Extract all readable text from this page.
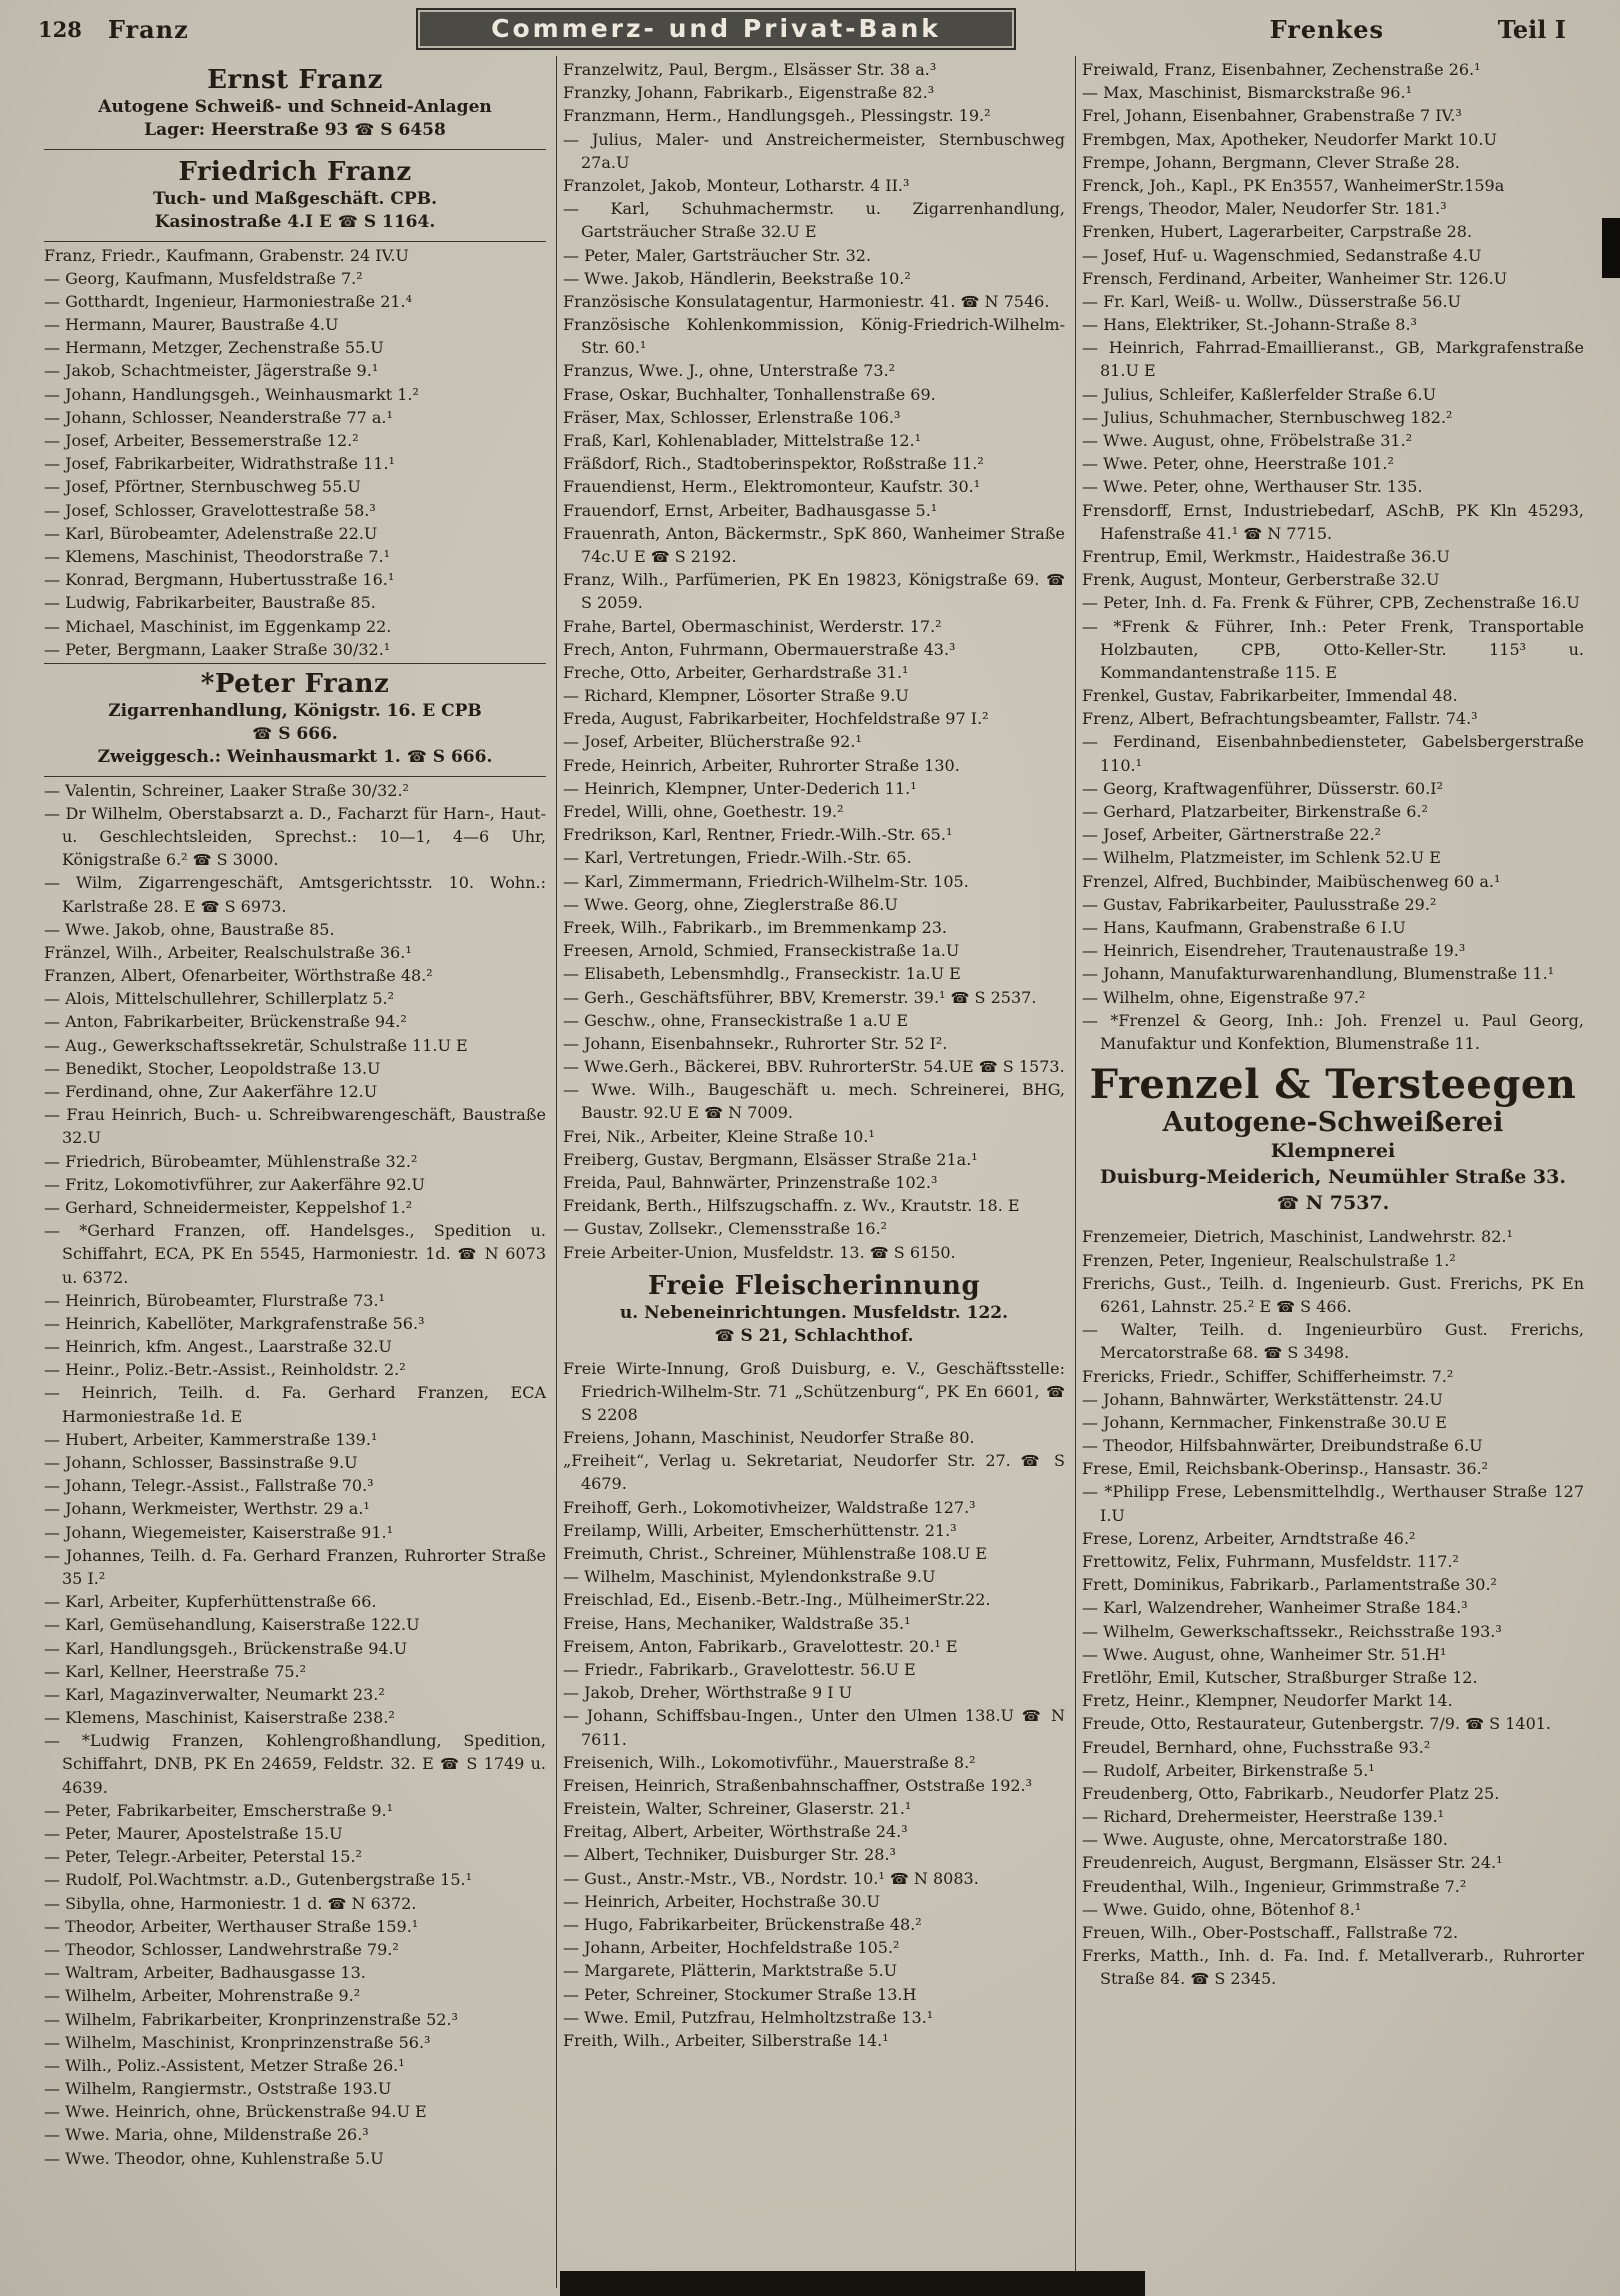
128 Franz	Commerz- und Privat-Bank	Frenkes	Teil I
Ernst Franz
Autogene Schweiß- und Schneid-Anlagen
Lager: Heerstraße 93 ☎ S 6458
Friedrich Franz
Tuch- und Maßgeschäft. CPB.
Kasinostraße 4.I E ☎ S 1164.

Franz, Friedr., Kaufmann, Grabenstr. 24 IV.U

— Georg, Kaufmann, Musfeldstraße 7.²

— Gotthardt, Ingenieur, Harmoniestraße 21.⁴

— Hermann, Maurer, Baustraße 4.U

— Hermann, Metzger, Zechenstraße 55.U

— Jakob, Schachtmeister, Jägerstraße 9.¹

— Johann, Handlungsgeh., Weinhausmarkt 1.²

— Johann, Schlosser, Neanderstraße 77 a.¹

— Josef, Arbeiter, Bessemerstraße 12.²

— Josef, Fabrikarbeiter, Widrathstraße 11.¹

— Josef, Pförtner, Sternbuschweg 55.U

— Josef, Schlosser, Gravelottestraße 58.³

— Karl, Bürobeamter, Adelenstraße 22.U

— Klemens, Maschinist, Theodorstraße 7.¹

— Konrad, Bergmann, Hubertusstraße 16.¹

— Ludwig, Fabrikarbeiter, Baustraße 85.

— Michael, Maschinist, im Eggenkamp 22.

— Peter, Bergmann, Laaker Straße 30/32.¹

*Peter Franz
Zigarrenhandlung, Königstr. 16. E CPB
☎ S 666.
Zweiggesch.: Weinhausmarkt 1. ☎ S 666.

— Valentin, Schreiner, Laaker Straße 30/32.²

— Dr Wilhelm, Oberstabsarzt a. D., Facharzt für Harn-, Haut- u. Geschlechtsleiden, Sprechst.: 10—1, 4—6 Uhr, Königstraße 6.² ☎ S 3000.

— Wilm, Zigarrengeschäft, Amtsgerichtsstr. 10. Wohn.: Karlstraße 28. E ☎ S 6973.

— Wwe. Jakob, ohne, Baustraße 85.

Fränzel, Wilh., Arbeiter, Realschulstraße 36.¹

Franzen, Albert, Ofenarbeiter, Wörthstraße 48.²

— Alois, Mittelschullehrer, Schillerplatz 5.²

— Anton, Fabrikarbeiter, Brückenstraße 94.²

— Aug., Gewerkschaftssekretär, Schulstraße 11.U E

— Benedikt, Stocher, Leopoldstraße 13.U

— Ferdinand, ohne, Zur Aakerfähre 12.U

— Frau Heinrich, Buch- u. Schreibwarengeschäft, Baustraße 32.U

— Friedrich, Bürobeamter, Mühlenstraße 32.²

— Fritz, Lokomotivführer, zur Aakerfähre 92.U

— Gerhard, Schneidermeister, Keppelshof 1.²

— *Gerhard Franzen, off. Handelsges., Spedition u. Schiffahrt, ECA, PK En 5545, Harmoniestr. 1d. ☎ N 6073 u. 6372.

— Heinrich, Bürobeamter, Flurstraße 73.¹

— Heinrich, Kabellöter, Markgrafenstraße 56.³

— Heinrich, kfm. Angest., Laarstraße 32.U

— Heinr., Poliz.-Betr.-Assist., Reinholdstr. 2.²

— Heinrich, Teilh. d. Fa. Gerhard Franzen, ECA Harmoniestraße 1d. E

— Hubert, Arbeiter, Kammerstraße 139.¹

— Johann, Schlosser, Bassinstraße 9.U

— Johann, Telegr.-Assist., Fallstraße 70.³

— Johann, Werkmeister, Werthstr. 29 a.¹

— Johann, Wiegemeister, Kaiserstraße 91.¹

— Johannes, Teilh. d. Fa. Gerhard Franzen, Ruhrorter Straße 35 I.²

— Karl, Arbeiter, Kupferhüttenstraße 66.

— Karl, Gemüsehandlung, Kaiserstraße 122.U

— Karl, Handlungsgeh., Brückenstraße 94.U

— Karl, Kellner, Heerstraße 75.²

— Karl, Magazinverwalter, Neumarkt 23.²

— Klemens, Maschinist, Kaiserstraße 238.²

— *Ludwig Franzen, Kohlengroßhandlung, Spedition, Schiffahrt, DNB, PK En 24659, Feldstr. 32. E ☎ S 1749 u. 4639.

— Peter, Fabrikarbeiter, Emscherstraße 9.¹

— Peter, Maurer, Apostelstraße 15.U

— Peter, Telegr.-Arbeiter, Peterstal 15.²

— Rudolf, Pol.Wachtmstr. a.D., Gutenbergstraße 15.¹

— Sibylla, ohne, Harmoniestr. 1 d. ☎ N 6372.

— Theodor, Arbeiter, Werthauser Straße 159.¹

— Theodor, Schlosser, Landwehrstraße 79.²

— Waltram, Arbeiter, Badhausgasse 13.

— Wilhelm, Arbeiter, Mohrenstraße 9.²

— Wilhelm, Fabrikarbeiter, Kronprinzenstraße 52.³

— Wilhelm, Maschinist, Kronprinzenstraße 56.³

— Wilh., Poliz.-Assistent, Metzer Straße 26.¹

— Wilhelm, Rangiermstr., Oststraße 193.U

— Wwe. Heinrich, ohne, Brückenstraße 94.U E

— Wwe. Maria, ohne, Mildenstraße 26.³

— Wwe. Theodor, ohne, Kuhlenstraße 5.U

Franzelwitz, Paul, Bergm., Elsässer Str. 38 a.³

Franzky, Johann, Fabrikarb., Eigenstraße 82.³

Franzmann, Herm., Handlungsgeh., Plessingstr. 19.²

— Julius, Maler- und Anstreichermeister, Sternbuschweg 27a.U

Franzolet, Jakob, Monteur, Lotharstr. 4 II.³

— Karl, Schuhmachermstr. u. Zigarrenhandlung, Gartsträucher Straße 32.U E

— Peter, Maler, Gartsträucher Str. 32.

— Wwe. Jakob, Händlerin, Beekstraße 10.²

Französische Konsulatagentur, Harmoniestr. 41. ☎ N 7546.

Französische Kohlenkommission, König-Friedrich-Wilhelm-Str. 60.¹

Franzus, Wwe. J., ohne, Unterstraße 73.²

Frase, Oskar, Buchhalter, Tonhallenstraße 69.

Fräser, Max, Schlosser, Erlenstraße 106.³

Fraß, Karl, Kohlenablader, Mittelstraße 12.¹

Fräßdorf, Rich., Stadtoberinspektor, Roßstraße 11.²

Frauendienst, Herm., Elektromonteur, Kaufstr. 30.¹

Frauendorf, Ernst, Arbeiter, Badhausgasse 5.¹

Frauenrath, Anton, Bäckermstr., SpK 860, Wanheimer Straße 74c.U E ☎ S 2192.

Franz, Wilh., Parfümerien, PK En 19823, Königstraße 69. ☎ S 2059.

Frahe, Bartel, Obermaschinist, Werderstr. 17.²

Frech, Anton, Fuhrmann, Obermauerstraße 43.³

Freche, Otto, Arbeiter, Gerhardstraße 31.¹

— Richard, Klempner, Lösorter Straße 9.U

Freda, August, Fabrikarbeiter, Hochfeldstraße 97 I.²

— Josef, Arbeiter, Blücherstraße 92.¹

Frede, Heinrich, Arbeiter, Ruhrorter Straße 130.

— Heinrich, Klempner, Unter-Dederich 11.¹

Fredel, Willi, ohne, Goethestr. 19.²

Fredrikson, Karl, Rentner, Friedr.-Wilh.-Str. 65.¹

— Karl, Vertretungen, Friedr.-Wilh.-Str. 65.

— Karl, Zimmermann, Friedrich-Wilhelm-Str. 105.

— Wwe. Georg, ohne, Zieglerstraße 86.U

Freek, Wilh., Fabrikarb., im Bremmenkamp 23.

Freesen, Arnold, Schmied, Franseckistraße 1a.U

— Elisabeth, Lebensmhdlg., Franseckistr. 1a.U E

— Gerh., Geschäftsführer, BBV, Kremerstr. 39.¹ ☎ S 2537.

— Geschw., ohne, Franseckistraße 1 a.U E

— Johann, Eisenbahnsekr., Ruhrorter Str. 52 I².

— Wwe.Gerh., Bäckerei, BBV. RuhrorterStr. 54.UE ☎ S 1573.

— Wwe. Wilh., Baugeschäft u. mech. Schreinerei, BHG, Baustr. 92.U E ☎ N 7009.

Frei, Nik., Arbeiter, Kleine Straße 10.¹

Freiberg, Gustav, Bergmann, Elsässer Straße 21a.¹

Freida, Paul, Bahnwärter, Prinzenstraße 102.³

Freidank, Berth., Hilfszugschaffn. z. Wv., Krautstr. 18. E

— Gustav, Zollsekr., Clemensstraße 16.²

Freie Arbeiter-Union, Musfeldstr. 13. ☎ S 6150.

Freie Fleischerinnung
u. Nebeneinrichtungen. Musfeldstr. 122.
☎ S 21, Schlachthof.

Freie Wirte-Innung, Groß Duisburg, e. V., Geschäftsstelle: Friedrich-Wilhelm-Str. 71 „Schützenburg“, PK En 6601, ☎ S 2208

Freiens, Johann, Maschinist, Neudorfer Straße 80.

„Freiheit“, Verlag u. Sekretariat, Neudorfer Str. 27. ☎ S 4679.

Freihoff, Gerh., Lokomotivheizer, Waldstraße 127.³

Freilamp, Willi, Arbeiter, Emscherhüttenstr. 21.³

Freimuth, Christ., Schreiner, Mühlenstraße 108.U E

— Wilhelm, Maschinist, Mylendonkstraße 9.U

Freischlad, Ed., Eisenb.-Betr.-Ing., MülheimerStr.22.

Freise, Hans, Mechaniker, Waldstraße 35.¹

Freisem, Anton, Fabrikarb., Gravelottestr. 20.¹ E

— Friedr., Fabrikarb., Gravelottestr. 56.U E

— Jakob, Dreher, Wörthstraße 9 I U

— Johann, Schiffsbau-Ingen., Unter den Ulmen 138.U ☎ N 7611.

Freisenich, Wilh., Lokomotivführ., Mauerstraße 8.²

Freisen, Heinrich, Straßenbahnschaffner, Oststraße 192.³

Freistein, Walter, Schreiner, Glaserstr. 21.¹

Freitag, Albert, Arbeiter, Wörthstraße 24.³

— Albert, Techniker, Duisburger Str. 28.³

— Gust., Anstr.-Mstr., VB., Nordstr. 10.¹ ☎ N 8083.

— Heinrich, Arbeiter, Hochstraße 30.U

— Hugo, Fabrikarbeiter, Brückenstraße 48.²

— Johann, Arbeiter, Hochfeldstraße 105.²

— Margarete, Plätterin, Marktstraße 5.U

— Peter, Schreiner, Stockumer Straße 13.H

— Wwe. Emil, Putzfrau, Helmholtzstraße 13.¹

Freith, Wilh., Arbeiter, Silberstraße 14.¹

Freiwald, Franz, Eisenbahner, Zechenstraße 26.¹

— Max, Maschinist, Bismarckstraße 96.¹

Frel, Johann, Eisenbahner, Grabenstraße 7 IV.³

Frembgen, Max, Apotheker, Neudorfer Markt 10.U

Frempe, Johann, Bergmann, Clever Straße 28.

Frenck, Joh., Kapl., PK En3557, WanheimerStr.159a

Frengs, Theodor, Maler, Neudorfer Str. 181.³

Frenken, Hubert, Lagerarbeiter, Carpstraße 28.

— Josef, Huf- u. Wagenschmied, Sedanstraße 4.U

Frensch, Ferdinand, Arbeiter, Wanheimer Str. 126.U

— Fr. Karl, Weiß- u. Wollw., Düsserstraße 56.U

— Hans, Elektriker, St.-Johann-Straße 8.³

— Heinrich, Fahrrad-Emaillieranst., GB, Markgrafenstraße 81.U E

— Julius, Schleifer, Kaßlerfelder Straße 6.U

— Julius, Schuhmacher, Sternbuschweg 182.²

— Wwe. August, ohne, Fröbelstraße 31.²

— Wwe. Peter, ohne, Heerstraße 101.²

— Wwe. Peter, ohne, Werthauser Str. 135.

Frensdorff, Ernst, Industriebedarf, ASchB, PK Kln 45293, Hafenstraße 41.¹ ☎ N 7715.

Frentrup, Emil, Werkmstr., Haidestraße 36.U

Frenk, August, Monteur, Gerberstraße 32.U

— Peter, Inh. d. Fa. Frenk & Führer, CPB, Zechenstraße 16.U

— *Frenk & Führer, Inh.: Peter Frenk, Transportable Holzbauten, CPB, Otto-Keller-Str. 115³ u. Kommandantenstraße 115. E

Frenkel, Gustav, Fabrikarbeiter, Immendal 48.

Frenz, Albert, Befrachtungsbeamter, Fallstr. 74.³

— Ferdinand, Eisenbahnbediensteter, Gabelsbergerstraße 110.¹

— Georg, Kraftwagenführer, Düsserstr. 60.I²

— Gerhard, Platzarbeiter, Birkenstraße 6.²

— Josef, Arbeiter, Gärtnerstraße 22.²

— Wilhelm, Platzmeister, im Schlenk 52.U E

Frenzel, Alfred, Buchbinder, Maibüschenweg 60 a.¹

— Gustav, Fabrikarbeiter, Paulusstraße 29.²

— Hans, Kaufmann, Grabenstraße 6 I.U

— Heinrich, Eisendreher, Trautenaustraße 19.³

— Johann, Manufakturwarenhandlung, Blumenstraße 11.¹

— Wilhelm, ohne, Eigenstraße 97.²

— *Frenzel & Georg, Inh.: Joh. Frenzel u. Paul Georg, Manufaktur und Konfektion, Blumenstraße 11.

Frenzel & Tersteegen
Autogene-Schweißerei
Klempnerei
Duisburg-Meiderich, Neumühler Straße 33.
☎ N 7537.

Frenzemeier, Dietrich, Maschinist, Landwehrstr. 82.¹

Frenzen, Peter, Ingenieur, Realschulstraße 1.²

Frerichs, Gust., Teilh. d. Ingenieurb. Gust. Frerichs, PK En 6261, Lahnstr. 25.² E ☎ S 466.

— Walter, Teilh. d. Ingenieurbüro Gust. Frerichs, Mercatorstraße 68. ☎ S 3498.

Frericks, Friedr., Schiffer, Schifferheimstr. 7.²

— Johann, Bahnwärter, Werkstättenstr. 24.U

— Johann, Kernmacher, Finkenstraße 30.U E

— Theodor, Hilfsbahnwärter, Dreibundstraße 6.U

Frese, Emil, Reichsbank-Oberinsp., Hansastr. 36.²

— *Philipp Frese, Lebensmittelhdlg., Werthauser Straße 127 I.U

Frese, Lorenz, Arbeiter, Arndtstraße 46.²

Frettowitz, Felix, Fuhrmann, Musfeldstr. 117.²

Frett, Dominikus, Fabrikarb., Parlamentstraße 30.²

— Karl, Walzendreher, Wanheimer Straße 184.³

— Wilhelm, Gewerkschaftssekr., Reichsstraße 193.³

— Wwe. August, ohne, Wanheimer Str. 51.H¹

Fretlöhr, Emil, Kutscher, Straßburger Straße 12.

Fretz, Heinr., Klempner, Neudorfer Markt 14.

Freude, Otto, Restaurateur, Gutenbergstr. 7/9. ☎ S 1401.

Freudel, Bernhard, ohne, Fuchsstraße 93.²

— Rudolf, Arbeiter, Birkenstraße 5.¹

Freudenberg, Otto, Fabrikarb., Neudorfer Platz 25.

— Richard, Drehermeister, Heerstraße 139.¹

— Wwe. Auguste, ohne, Mercatorstraße 180.

Freudenreich, August, Bergmann, Elsässer Str. 24.¹

Freudenthal, Wilh., Ingenieur, Grimmstraße 7.²

— Wwe. Guido, ohne, Bötenhof 8.¹

Freuen, Wilh., Ober-Postschaff., Fallstraße 72.

Frerks, Matth., Inh. d. Fa. Ind. f. Metallverarb., Ruhrorter Straße 84. ☎ S 2345.
